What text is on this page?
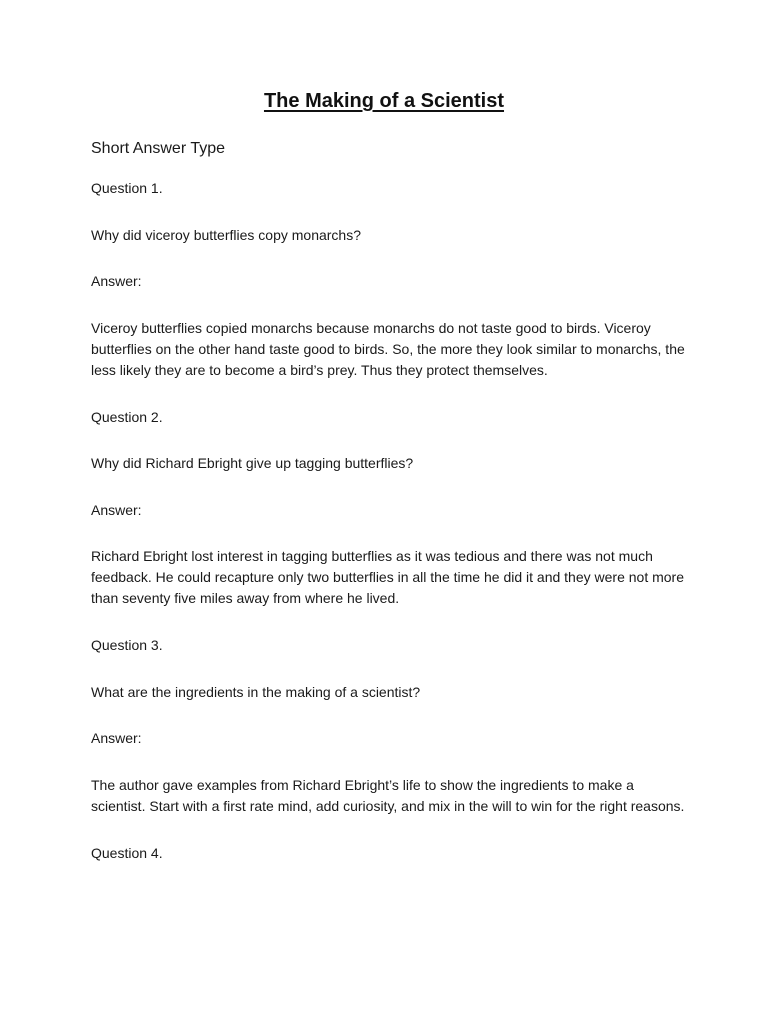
The Making of a Scientist

Short Answer Type

Question 1.

Why did viceroy butterflies copy monarchs?

Answer:

Viceroy butterflies copied monarchs because monarchs do not taste good to birds. Viceroy butterflies on the other hand taste good to birds. So, the more they look similar to monarchs, the less likely they are to become a bird’s prey. Thus they protect themselves.

Question 2.

Why did Richard Ebright give up tagging butterflies?

Answer:

Richard Ebright lost interest in tagging butterflies as it was tedious and there was not much feedback. He could recapture only two butterflies in all the time he did it and they were not more than seventy five miles away from where he lived.

Question 3.

What are the ingredients in the making of a scientist?

Answer:

The author gave examples from Richard Ebright’s life to show the ingredients to make a scientist. Start with a first rate mind, add curiosity, and mix in the will to win for the right reasons.

Question 4.
